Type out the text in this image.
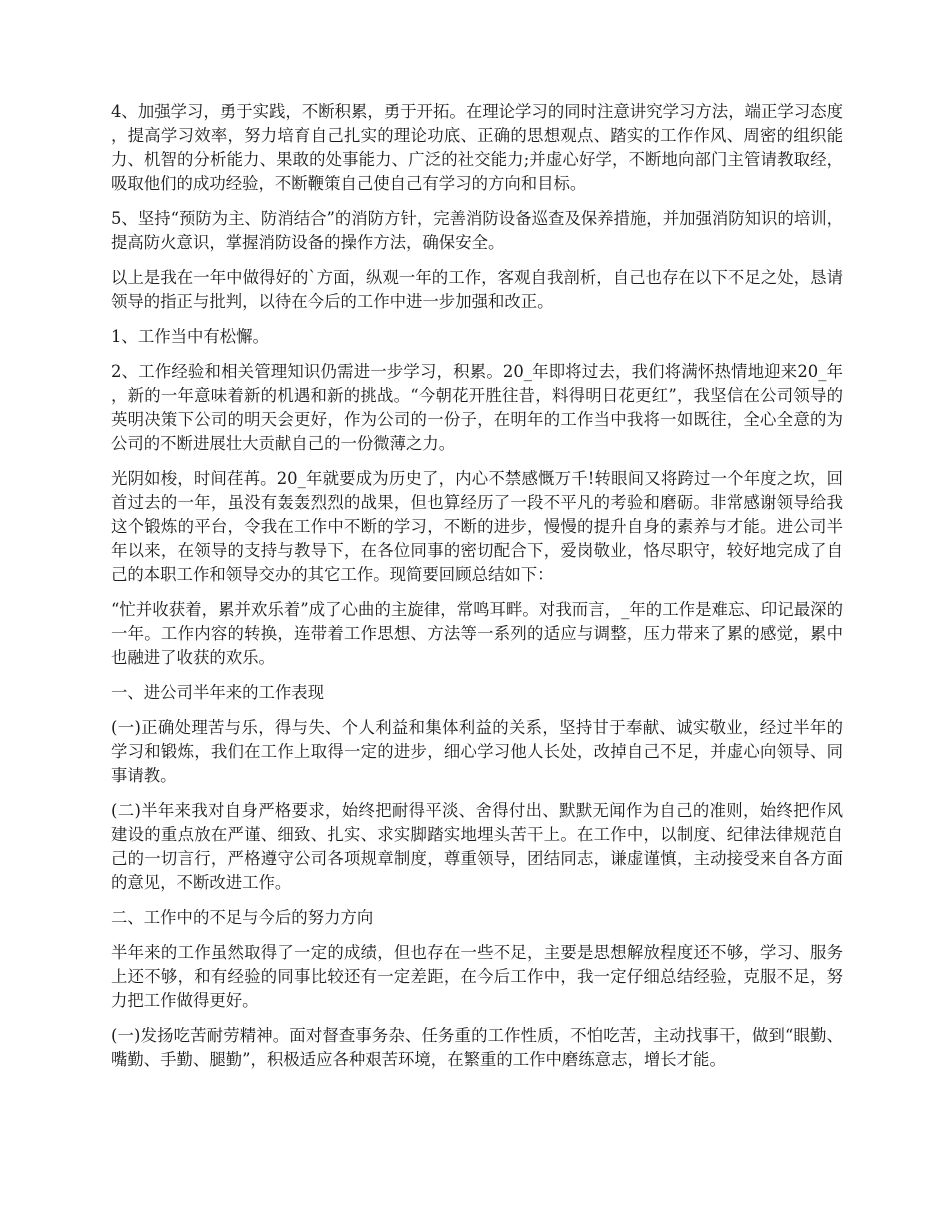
4、加强学习，勇于实践，不断积累，勇于开拓。在理论学习的同时注意讲究学习方法，端正学习态度，提高学习效率，努力培育自己扎实的理论功底、正确的思想观点、踏实的工作作风、周密的组织能力、机智的分析能力、果敢的处事能力、广泛的社交能力;并虚心好学，不断地向部门主管请教取经，吸取他们的成功经验，不断鞭策自己使自己有学习的方向和目标。

5、坚持“预防为主、防消结合”的消防方针，完善消防设备巡查及保养措施，并加强消防知识的培训，提高防火意识，掌握消防设备的操作方法，确保安全。

以上是我在一年中做得好的`方面，纵观一年的工作，客观自我剖析，自己也存在以下不足之处，恳请领导的指正与批判，以待在今后的工作中进一步加强和改正。

1、工作当中有松懈。

2、工作经验和相关管理知识仍需进一步学习，积累。20_年即将过去，我们将满怀热情地迎来20_年，新的一年意味着新的机遇和新的挑战。“今朝花开胜往昔，料得明日花更红”，我坚信在公司领导的英明决策下公司的明天会更好，作为公司的一份子，在明年的工作当中我将一如既往，全心全意的为公司的不断进展壮大贡献自己的一份微薄之力。

光阴如梭，时间荏苒。20_年就要成为历史了，内心不禁感慨万千!转眼间又将跨过一个年度之坎，回首过去的一年，虽没有轰轰烈烈的战果，但也算经历了一段不平凡的考验和磨砺。非常感谢领导给我这个锻炼的平台，令我在工作中不断的学习，不断的进步，慢慢的提升自身的素养与才能。进公司半年以来，在领导的支持与教导下，在各位同事的密切配合下，爱岗敬业，恪尽职守，较好地完成了自己的本职工作和领导交办的其它工作。现简要回顾总结如下：

“忙并收获着，累并欢乐着”成了心曲的主旋律，常鸣耳畔。对我而言，_年的工作是难忘、印记最深的一年。工作内容的转换，连带着工作思想、方法等一系列的适应与调整，压力带来了累的感觉，累中也融进了收获的欢乐。

一、进公司半年来的工作表现

(一)正确处理苦与乐，得与失、个人利益和集体利益的关系，坚持甘于奉献、诚实敬业，经过半年的学习和锻炼，我们在工作上取得一定的进步，细心学习他人长处，改掉自己不足，并虚心向领导、同事请教。

(二)半年来我对自身严格要求，始终把耐得平淡、舍得付出、默默无闻作为自己的准则，始终把作风建设的重点放在严谨、细致、扎实、求实脚踏实地埋头苦干上。在工作中，以制度、纪律法律规范自己的一切言行，严格遵守公司各项规章制度，尊重领导，团结同志，谦虚谨慎，主动接受来自各方面的意见，不断改进工作。

二、工作中的不足与今后的努力方向

半年来的工作虽然取得了一定的成绩，但也存在一些不足，主要是思想解放程度还不够，学习、服务上还不够，和有经验的同事比较还有一定差距，在今后工作中，我一定仔细总结经验，克服不足，努力把工作做得更好。

(一)发扬吃苦耐劳精神。面对督查事务杂、任务重的工作性质，不怕吃苦，主动找事干，做到“眼勤、嘴勤、手勤、腿勤”，积极适应各种艰苦环境，在繁重的工作中磨练意志，增长才能。
